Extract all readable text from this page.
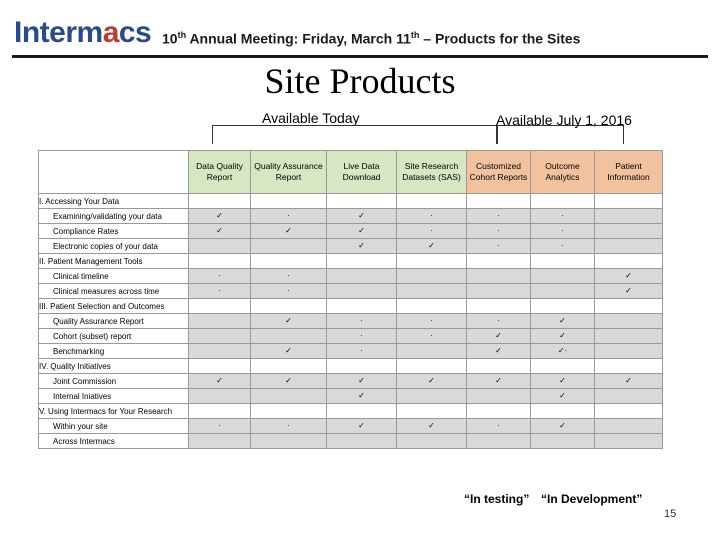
Intermacs 10th Annual Meeting: Friday, March 11th – Products for the Sites
Site Products
Available Today	Available July 1, 2016
	Data Quality Report	Quality Assurance Report	Live Data Download	Site Research Datasets (SAS)	Customized Cohort Reports	Outcome Analytics	Patient Information
I. Accessing Your Data							
Examining/validating your data	✓	·	✓	·	·	·	
Compliance Rates	✓	✓	✓	·	·	·	
Electronic copies of your data			✓	✓	·	·	
II. Patient Management Tools							
Clinical timeline	·	·					✓
Clinical measures across time	·	·					✓
III. Patient Selection and Outcomes							
Quality Assurance Report		✓	·	·	·	✓	
Cohort (subset) report			·	·	✓	✓	
Benchmarking		✓	·		✓	✓·	
IV. Quality Initiatives							
Joint Commission	✓	✓	✓	✓	✓	✓	✓
Internal Iniatives			✓			✓	
V. Using Intermacs for Your Research							
Within your site	·	·	✓	✓	·	✓	
Across Intermacs							
“In testing” “In Development”
15
